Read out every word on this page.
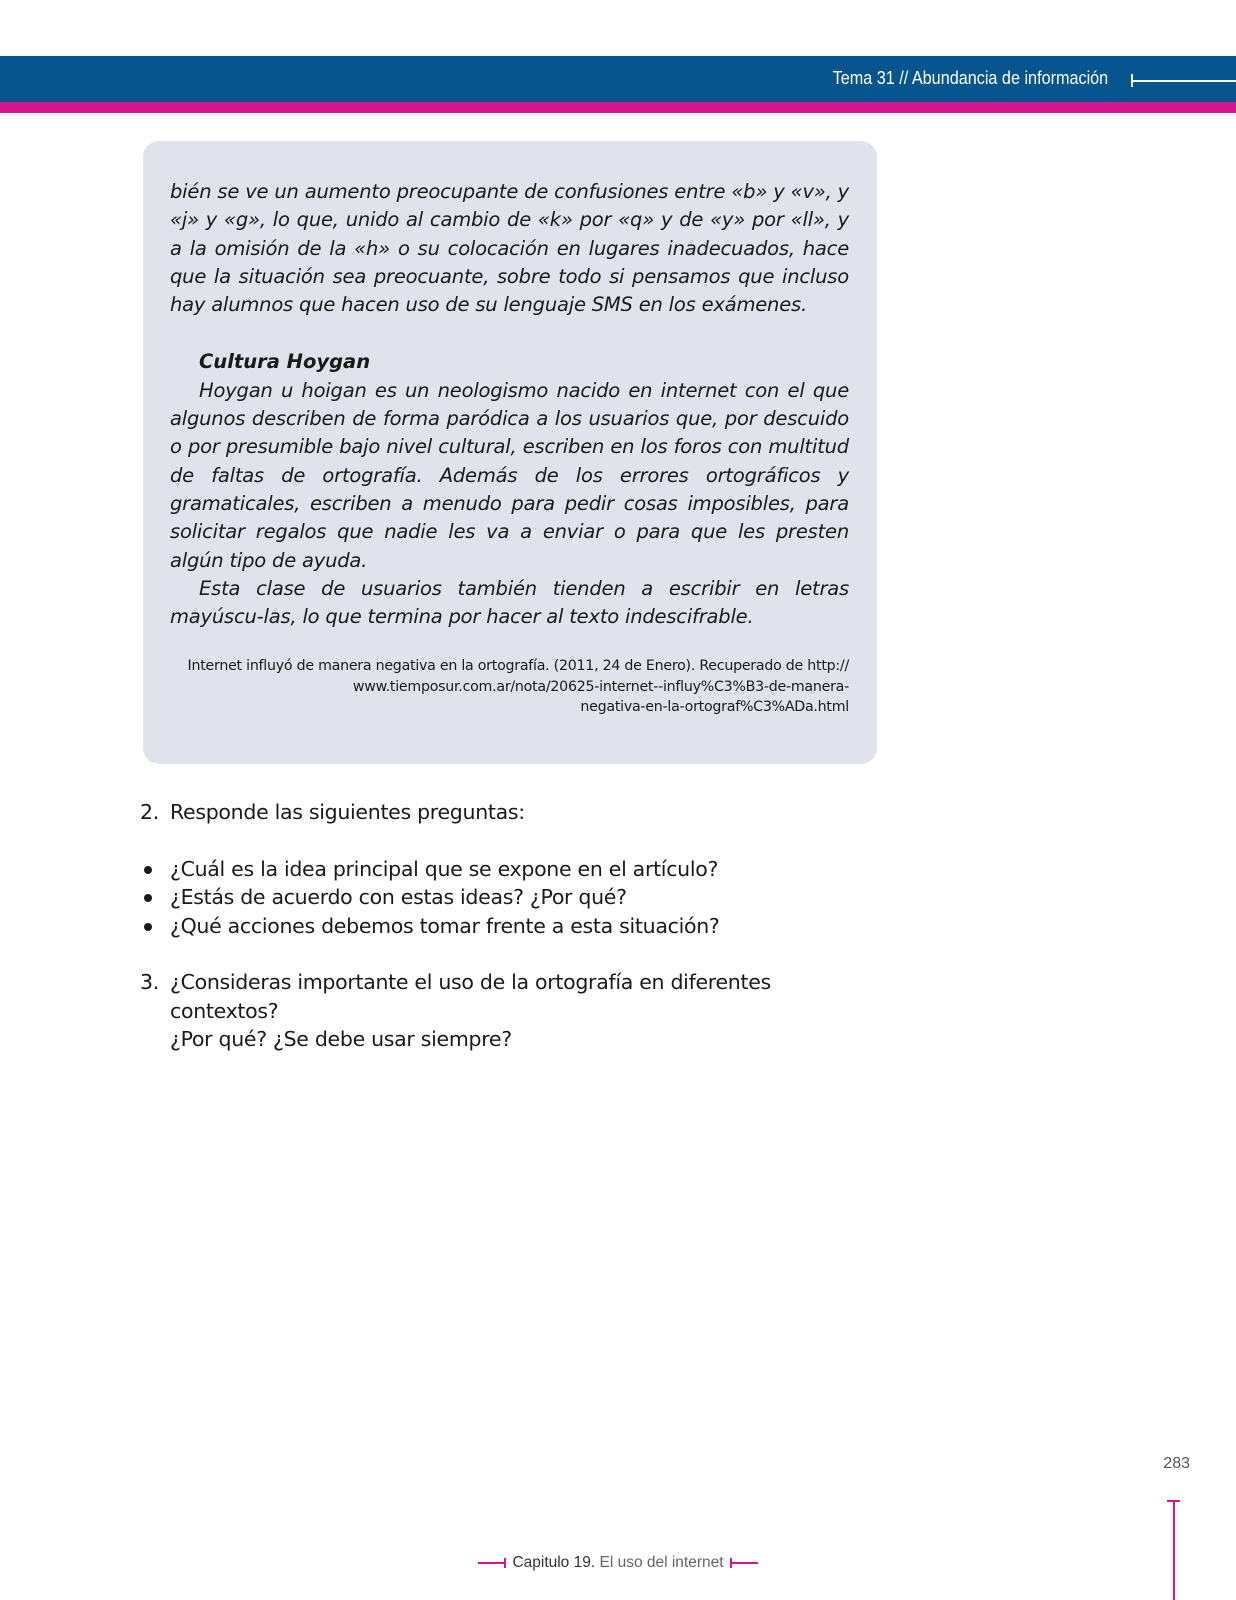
Tema 31 // Abundancia de información

bién se ve un aumento preocupante de confusiones entre «b» y «v», y «j» y «g», lo que, unido al cambio de «k» por «q» y de «y» por «ll», y a la omisión de la «h» o su colocación en lugares inadecuados, hace que la situación sea preocuante, sobre todo si pensamos que incluso hay alumnos que hacen uso de su lenguaje SMS en los exámenes.

Cultura Hoygan

Hoygan u hoigan es un neologismo nacido en internet con el que algunos describen de forma paródica a los usuarios que, por descuido o por presumible bajo nivel cultural, escriben en los foros con multitud de faltas de ortografía. Además de los errores ortográficos y gramaticales, escriben a menudo para pedir cosas imposibles, para solicitar regalos que nadie les va a enviar o para que les presten algún tipo de ayuda.

Esta clase de usuarios también tienden a escribir en letras mayúscu-las, lo que termina por hacer al texto indescifrable.

Internet influyó de manera negativa en la ortografía. (2011, 24 de Enero). Recuperado de http://
www.tiemposur.com.ar/nota/20625-internet--influy%C3%B3-de-manera-
negativa-en-la-ortograf%C3%ADa.html
2. Responde las siguientes preguntas:
¿Cuál es la idea principal que se expone en el artículo?
¿Estás de acuerdo con estas ideas? ¿Por qué?
¿Qué acciones debemos tomar frente a esta situación?
3. ¿Consideras importante el uso de la ortografía en diferentes contextos?
¿Por qué? ¿Se debe usar siempre?
283
Capitulo 19. El uso del internet
